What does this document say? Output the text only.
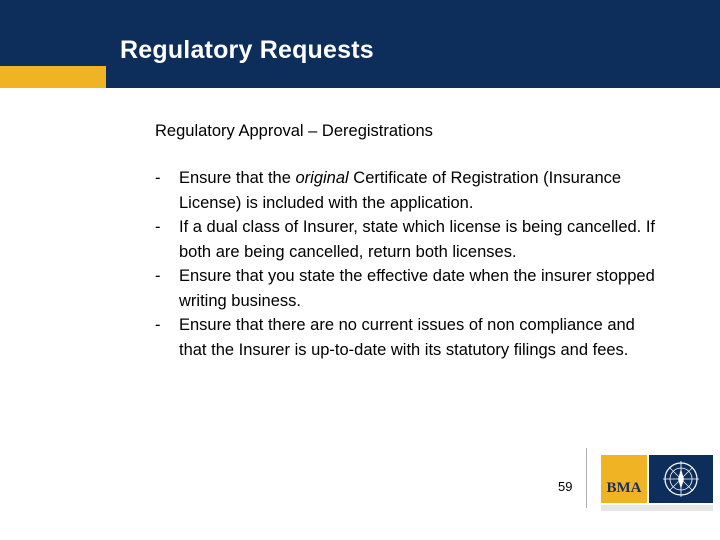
Regulatory Requests
Regulatory Approval – Deregistrations
- Ensure that the original Certificate of Registration (Insurance
License) is included with the application.
- If a dual class of Insurer, state which license is being cancelled. If
both are being cancelled, return both licenses.
- Ensure that you state the effective date when the insurer stopped
writing business.
- Ensure that there are no current issues of non compliance and
that the Insurer is up-to-date with its statutory filings and fees.
59	BMA
